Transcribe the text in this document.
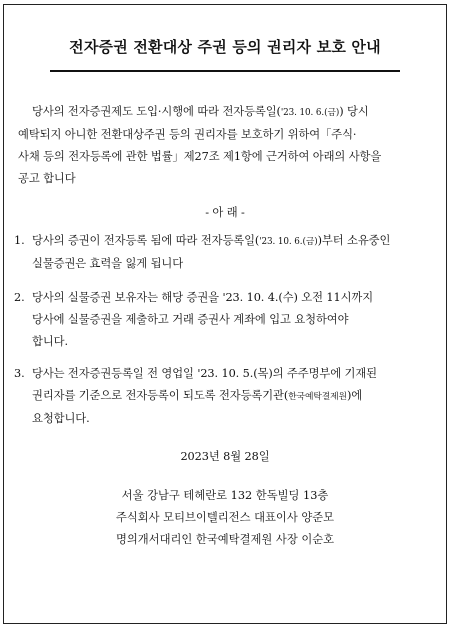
전자증권 전환대상 주권 등의 권리자 보호 안내
당사의 전자증권제도 도입·시행에 따라 전자등록일('23. 10. 6.(금)) 당시
예탁되지 아니한 전환대상주권 등의 권리자를 보호하기 위하여「주식·
사채 등의 전자등록에 관한 법률」제27조 제1항에 근거하여 아래의 사항을
공고 합니다
- 아 래 -
1. 당사의 증권이 전자등록 됨에 따라 전자등록일('23. 10. 6.(금))부터 소유중인
실물증권은 효력을 잃게 됩니다
2. 당사의 실물증권 보유자는 해당 증권을 '23. 10. 4.(수) 오전 11시까지
당사에 실물증권을 제출하고 거래 증권사 계좌에 입고 요청하여야
합니다.
3. 당사는 전자증권등록일 전 영업일 '23. 10. 5.(목)의 주주명부에 기재된
권리자를 기준으로 전자등록이 되도록 전자등록기관(한국예탁결제원)에
요청합니다.
2023년 8월 28일
서울 강남구 테헤란로 132 한독빌딩 13층
주식회사 모티브이텔리전스 대표이사 양준모
명의개서대리인 한국예탁결제원 사장 이순호
